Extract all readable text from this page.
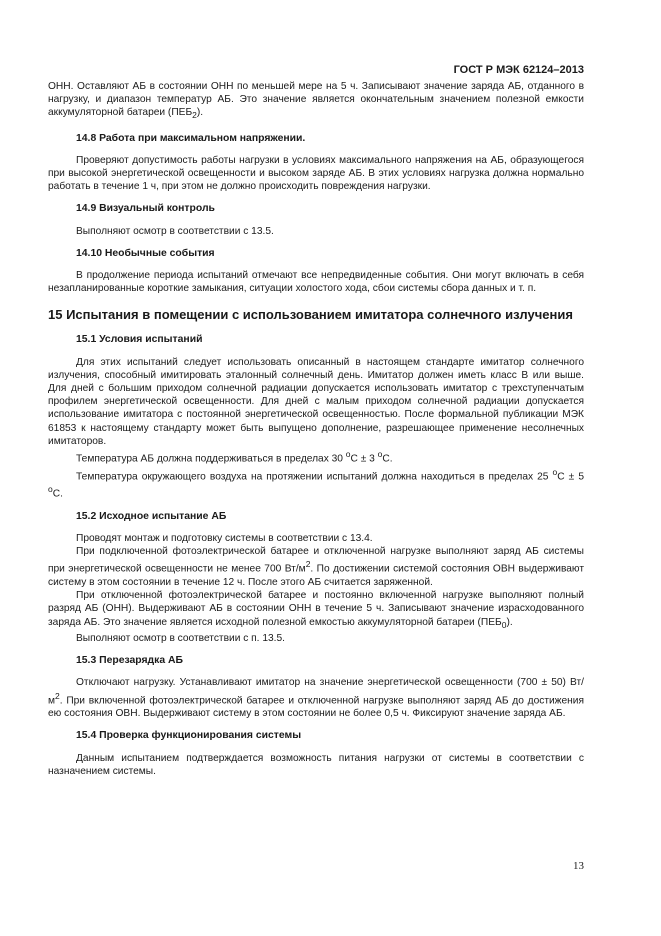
ГОСТ Р МЭК 62124–2013

ОНН. Оставляют АБ в состоянии ОНН по меньшей мере на 5 ч. Записывают значение заряда АБ, отданного в нагрузку, и диапазон температур АБ. Это значение является окончательным значением полезной емкости аккумуляторной батареи $(ПЕБ_2)$.

14.8 Работа при максимальном напряжении.

Проверяют допустимость работы нагрузки в условиях максимального напряжения на АБ, образующегося при высокой энергетической освещенности и высоком заряде АБ. В этих условиях нагрузка должна нормально работать в течение 1 ч, при этом не должно происходить повреждения нагрузки.

14.9 Визуальный контроль

Выполняют осмотр в соответствии с 13.5.

14.10 Необычные события

В продолжение периода испытаний отмечают все непредвиденные события. Они могут включать в себя незапланированные короткие замыкания, ситуации холостого хода, сбои системы сбора данных и т. п.

15 Испытания в помещении с использованием имитатора солнечного излучения
15.1 Условия испытаний

Для этих испытаний следует использовать описанный в настоящем стандарте имитатор солнечного излучения, способный имитировать эталонный солнечный день. Имитатор должен иметь класс В или выше. Для дней с большим приходом солнечной радиации допускается использовать имитатор с трехступенчатым профилем энергетической освещенности. Для дней с малым приходом солнечной радиации допускается использование имитатора с постоянной энергетической освещенностью. После формальной публикации МЭК 61853 к настоящему стандарту может быть выпущено дополнение, разрешающее применение несолнечных имитаторов.

Температура АБ должна поддерживаться в пределах 30 $^о$С ± 3 $^о$С.

Температура окружающего воздуха на протяжении испытаний должна находиться в пределах 25 $^о$С ± 5 $^о$С.

15.2 Исходное испытание АБ

Проводят монтаж и подготовку системы в соответствии с 13.4.

При подключенной фотоэлектрической батарее и отключенной нагрузке выполняют заряд АБ системы при энергетической освещенности не менее 700 $Вт/м^2$. По достижении системой состояния ОВН выдерживают систему в этом состоянии в течение 12 ч. После этого АБ считается заряженной.

При отключенной фотоэлектрической батарее и постоянно включенной нагрузке выполняют полный разряд АБ (ОНН). Выдерживают АБ в состоянии ОНН в течение 5 ч. Записывают значение израсходованного заряда АБ. Это значение является исходной полезной емкостью аккумуляторной батареи $(ПЕБ_0)$.

Выполняют осмотр в соответствии с п. 13.5.

15.3 Перезарядка АБ

Отключают нагрузку. Устанавливают имитатор на значение энергетической освещенности (700 ± 50) $Вт/м^2$. При включенной фотоэлектрической батарее и отключенной нагрузке выполняют заряд АБ до достижения ею состояния ОВН. Выдерживают систему в этом состоянии не более 0,5 ч. Фиксируют значение заряда АБ.

15.4 Проверка функционирования системы

Данным испытанием подтверждается возможность питания нагрузки от системы в соответствии с назначением системы.

13
